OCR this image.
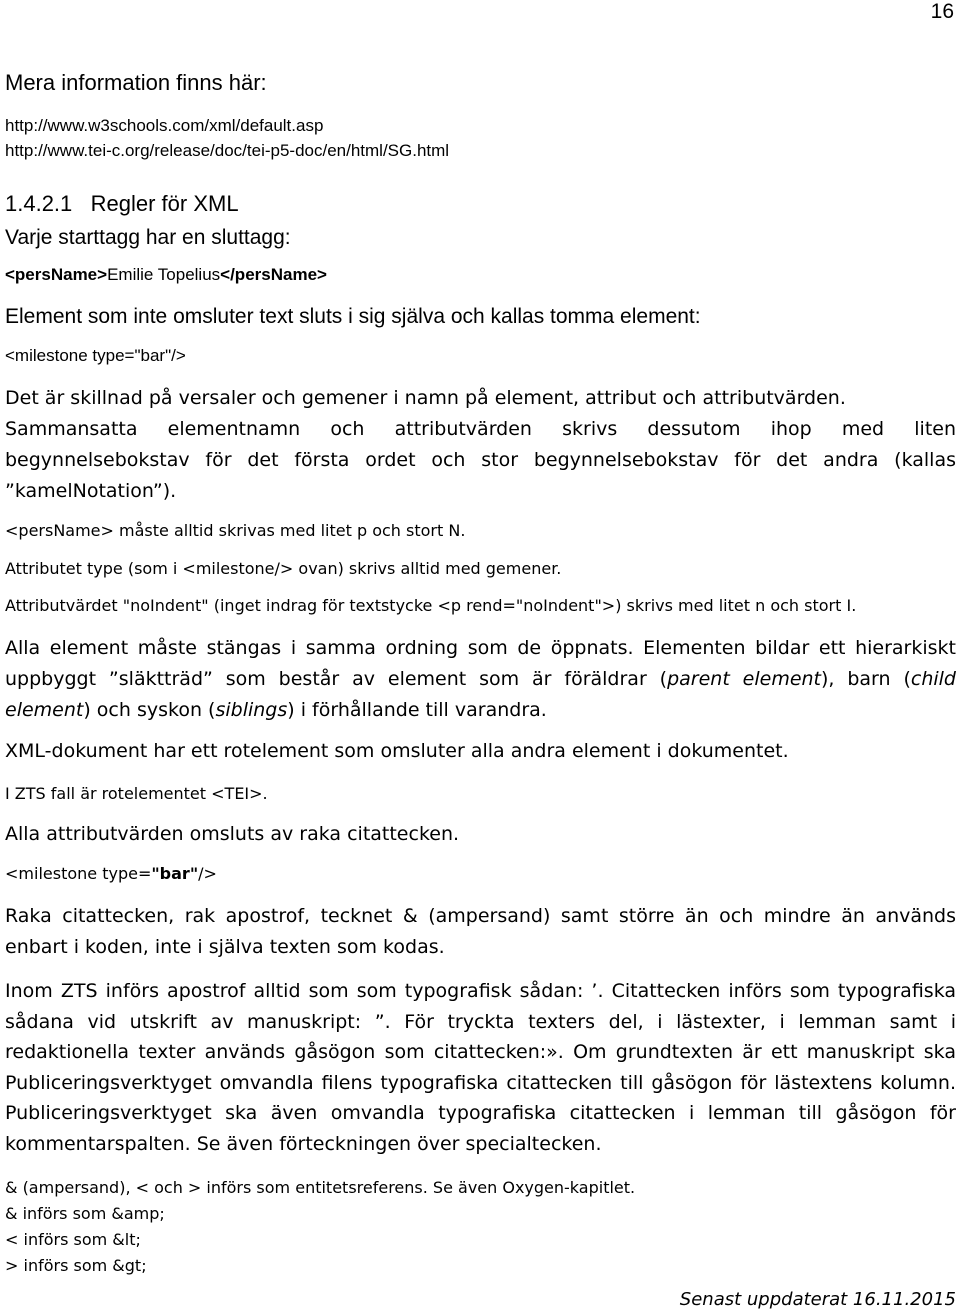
16

Mera information finns här:

http://www.w3schools.com/xml/default.asp

http://www.tei-c.org/release/doc/tei-p5-doc/en/html/SG.html

1.4.2.1 Regler för XML

Varje starttagg har en sluttagg:

<persName>Emilie Topelius</persName>

Element som inte omsluter text sluts i sig själva och kallas tomma element:

<milestone type="bar"/>

Det är skillnad på versaler och gemener i namn på element, attribut och attributvärden.
Sammansatta elementnamn och attributvärden skrivs dessutom ihop med liten
begynnelsebokstav för det första ordet och stor begynnelsebokstav för det andra (kallas
”kamelNotation”).

<persName> måste alltid skrivas med litet p och stort N.

Attributet type (som i <milestone/> ovan) skrivs alltid med gemener.

Attributvärdet "noIndent" (inget indrag för textstycke <p rend="noIndent">) skrivs med litet n och stort I.

Alla element måste stängas i samma ordning som de öppnats. Elementen bildar ett hierarkiskt uppbyggt ”släktträd” som består av element som är föräldrar (parent element), barn (child element) och syskon (siblings) i förhållande till varandra.

XML-dokument har ett rotelement som omsluter alla andra element i dokumentet.

I ZTS fall är rotelementet <TEI>.

Alla attributvärden omsluts av raka citattecken.

<milestone type="bar"/>

Raka citattecken, rak apostrof, tecknet & (ampersand) samt större än och mindre än används enbart i koden, inte i själva texten som kodas.
Inom ZTS införs apostrof alltid som som typografisk sådan: ’. Citattecken införs som typografiska sådana vid utskrift av manuskript: ”. För tryckta texters del, i lästexter, i lemman samt i redaktionella texter används gåsögon som citattecken:». Om grundtexten är ett manuskript ska Publiceringsverktyget omvandla filens typografiska citattecken till gåsögon för lästextens kolumn. Publiceringsverktyget ska även omvandla typografiska citattecken i lemman till gåsögon för kommentarspalten. Se även förteckningen över specialtecken.
& (ampersand), < och > införs som entitetsreferens. Se även Oxygen-kapitlet.
& införs som &amp;
< införs som &lt;
> införs som &gt;
Senast uppdaterat 16.11.2015
